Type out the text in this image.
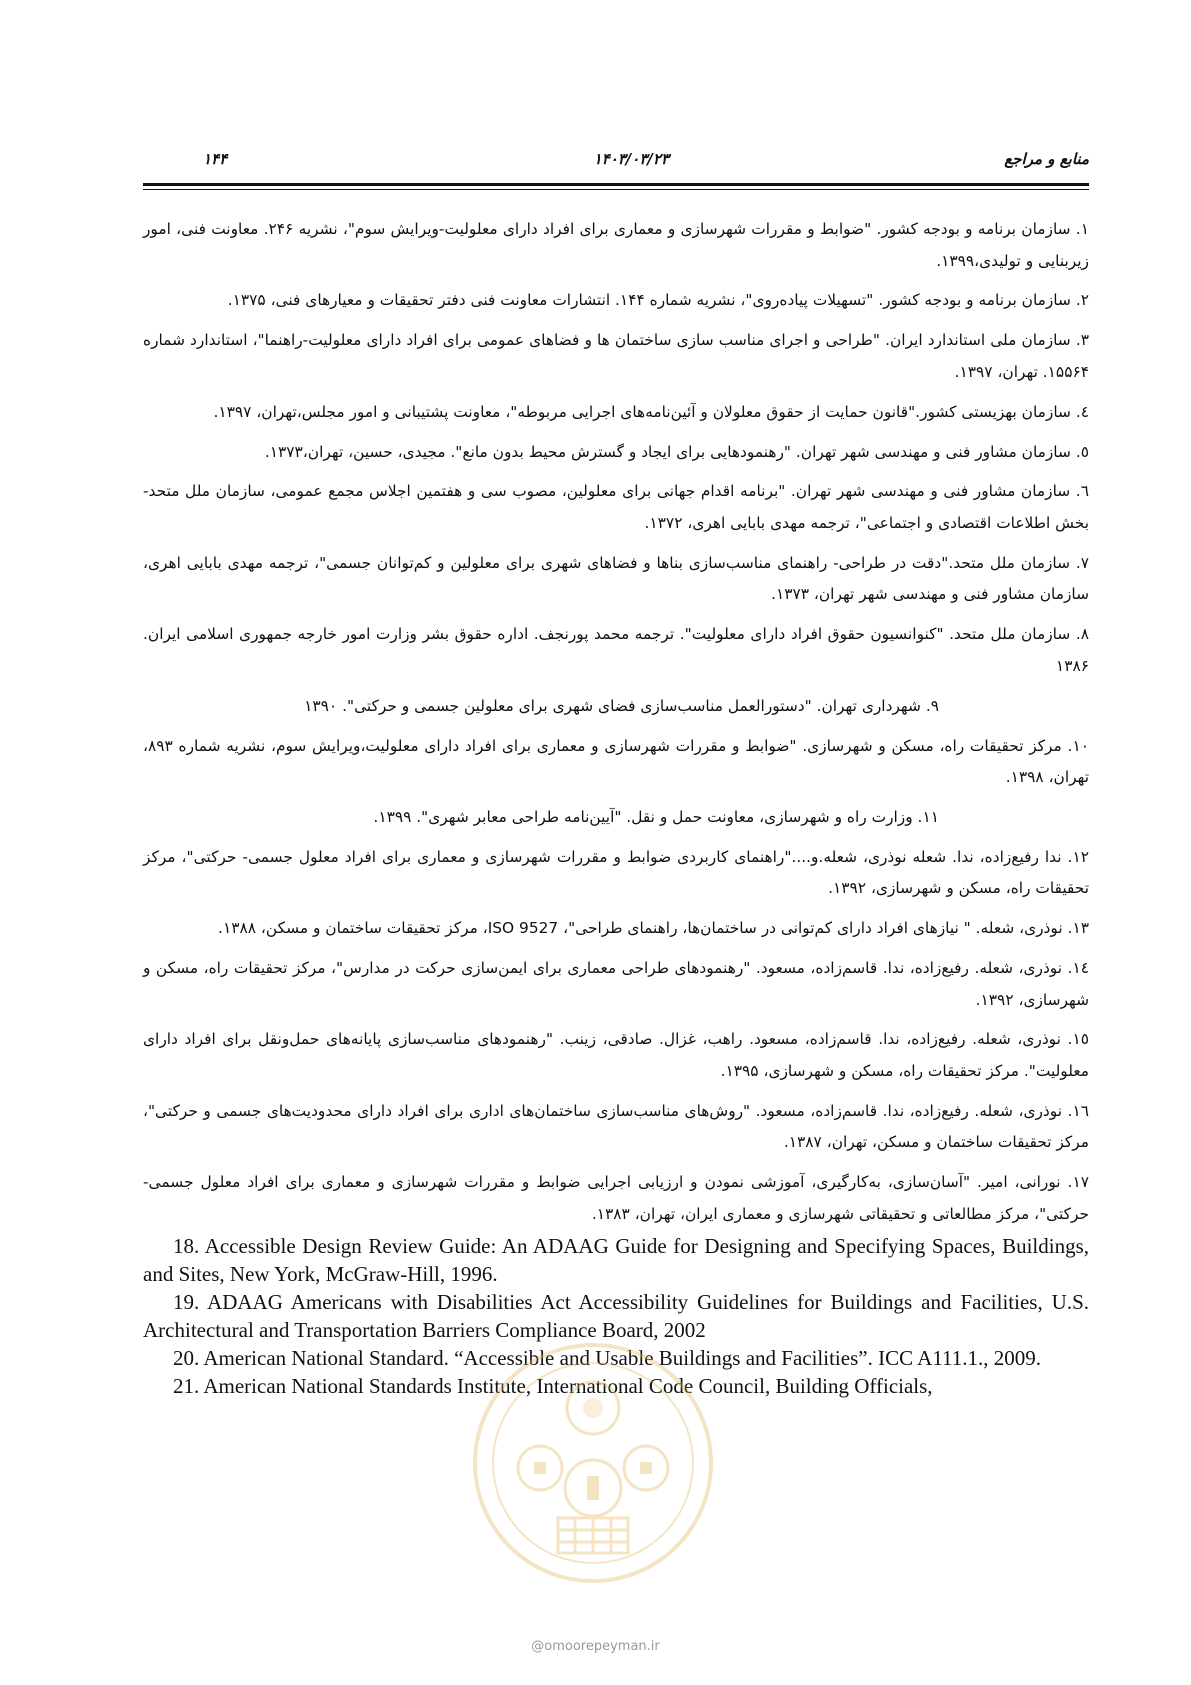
منابع و مراجع
۱۴۰۳/۰۳/۲۳
۱۴۴

۱. سازمان برنامه و بودجه کشور. "ضوابط و مقررات شهرسازی و معماری برای افراد دارای معلولیت-ویرایش سوم"، نشریه ۲۴۶. معاونت فنی، امور زیربنایی و تولیدی،۱۳۹۹.

۲. سازمان برنامه و بودجه کشور. "تسهیلات پیاده‌روی"، نشریه شماره ۱۴۴. انتشارات معاونت فنی دفتر تحقیقات و معیارهای فنی، ۱۳۷۵.

۳. سازمان ملی استاندارد ایران. "طراحی و اجرای مناسب سازی ساختمان ها و فضاهای عمومی برای افراد دارای معلولیت-راهنما"، استاندارد شماره ۱۵۵۶۴. تهران، ۱۳۹۷.

٤. سازمان بهزیستی کشور."قانون حمایت از حقوق معلولان و آئین‌نامه‌های اجرایی مربوطه"، معاونت پشتیبانی و امور مجلس،تهران، ۱۳۹۷.

٥. سازمان مشاور فنی و مهندسی شهر تهران. "رهنمودهایی برای ایجاد و گسترش محیط بدون مانع". مجیدی، حسین، تهران،۱۳۷۳.

٦. سازمان مشاور فنی و مهندسی شهر تهران. "برنامه اقدام جهانی برای معلولین، مصوب سی و هفتمین اجلاس مجمع عمومی، سازمان ملل متحد- بخش اطلاعات اقتصادی و اجتماعی"، ترجمه مهدی بابایی اهری، ۱۳۷۲.

۷. سازمان ملل متحد."دقت در طراحی- راهنمای مناسب‌سازی بناها و فضاهای شهری برای معلولین و کم‌توانان جسمی"، ترجمه مهدی بابایی اهری، سازمان مشاور فنی و مهندسی شهر تهران، ۱۳۷۳.

۸. سازمان ملل متحد. "کنوانسیون حقوق افراد دارای معلولیت". ترجمه محمد پورنجف. اداره حقوق بشر وزارت امور خارجه جمهوری اسلامی ایران. ۱۳۸۶

۹. شهرداری تهران. "دستورالعمل مناسب‌سازی فضای شهری برای معلولین جسمی و حرکتی". ۱۳۹۰

۱۰. مرکز تحقیقات راه، مسکن و شهرسازی. "ضوابط و مقررات شهرسازی و معماری برای افراد دارای معلولیت،ویرایش سوم، نشریه شماره ۸۹۳، تهران، ۱۳۹۸.

۱۱. وزارت راه و شهرسازی، معاونت حمل و نقل. "آیین‌نامه طراحی معابر شهری". ۱۳۹۹.

۱۲. ندا رفیع‌زاده، ندا. شعله نوذری، شعله.و...."راهنمای کاربردی ضوابط و مقررات شهرسازی و معماری برای افراد معلول جسمی- حرکتی"، مرکز تحقیقات راه، مسکن و شهرسازی، ۱۳۹۲.

۱۳. نوذری، شعله. " نیازهای افراد دارای کم‌توانی در ساختمان‌ها، راهنمای طراحی"، ISO 9527، مرکز تحقیقات ساختمان و مسکن، ۱۳۸۸.

١٤. نوذری، شعله. رفیع‌زاده، ندا. قاسم‌زاده، مسعود. "رهنمودهای طراحی معماری برای ایمن‌سازی حرکت در مدارس"، مرکز تحقیقات راه، مسکن و شهرسازی، ۱۳۹۲.

۱٥. نوذری، شعله. رفیع‌زاده، ندا. قاسم‌زاده، مسعود. راهب، غزال. صادقی، زینب. "رهنمودهای مناسب‌سازی پایانه‌های حمل‌ونقل برای افراد دارای معلولیت". مرکز تحقیقات راه، مسکن و شهرسازی، ۱۳۹۵.

۱٦. نوذری، شعله. رفیع‌زاده، ندا. قاسم‌زاده، مسعود. "روش‌های مناسب‌سازی ساختمان‌های اداری برای افراد دارای محدودیت‌های جسمی و حرکتی"، مرکز تحقیقات ساختمان و مسکن، تهران، ۱۳۸۷.

۱۷. نورانی، امیر. "آسان‌سازی، به‌کارگیری، آموزشی نمودن و ارزیابی اجرایی ضوابط و مقررات شهرسازی و معماری برای افراد معلول جسمی-حرکتی"، مرکز مطالعاتی و تحقیقاتی شهرسازی و معماری ایران، تهران، ۱۳۸۳.

18. Accessible Design Review Guide: An ADAAG Guide for Designing and Specifying Spaces, Buildings, and Sites, New York, McGraw-Hill, 1996.

19. ADAAG Americans with Disabilities Act Accessibility Guidelines for Buildings and Facilities, U.S. Architectural and Transportation Barriers Compliance Board, 2002

20. American National Standard. “Accessible and Usable Buildings and Facilities”. ICC A111.1., 2009.

21. American National Standards Institute, International Code Council, Building Officials,

@omoorepeyman.ir
